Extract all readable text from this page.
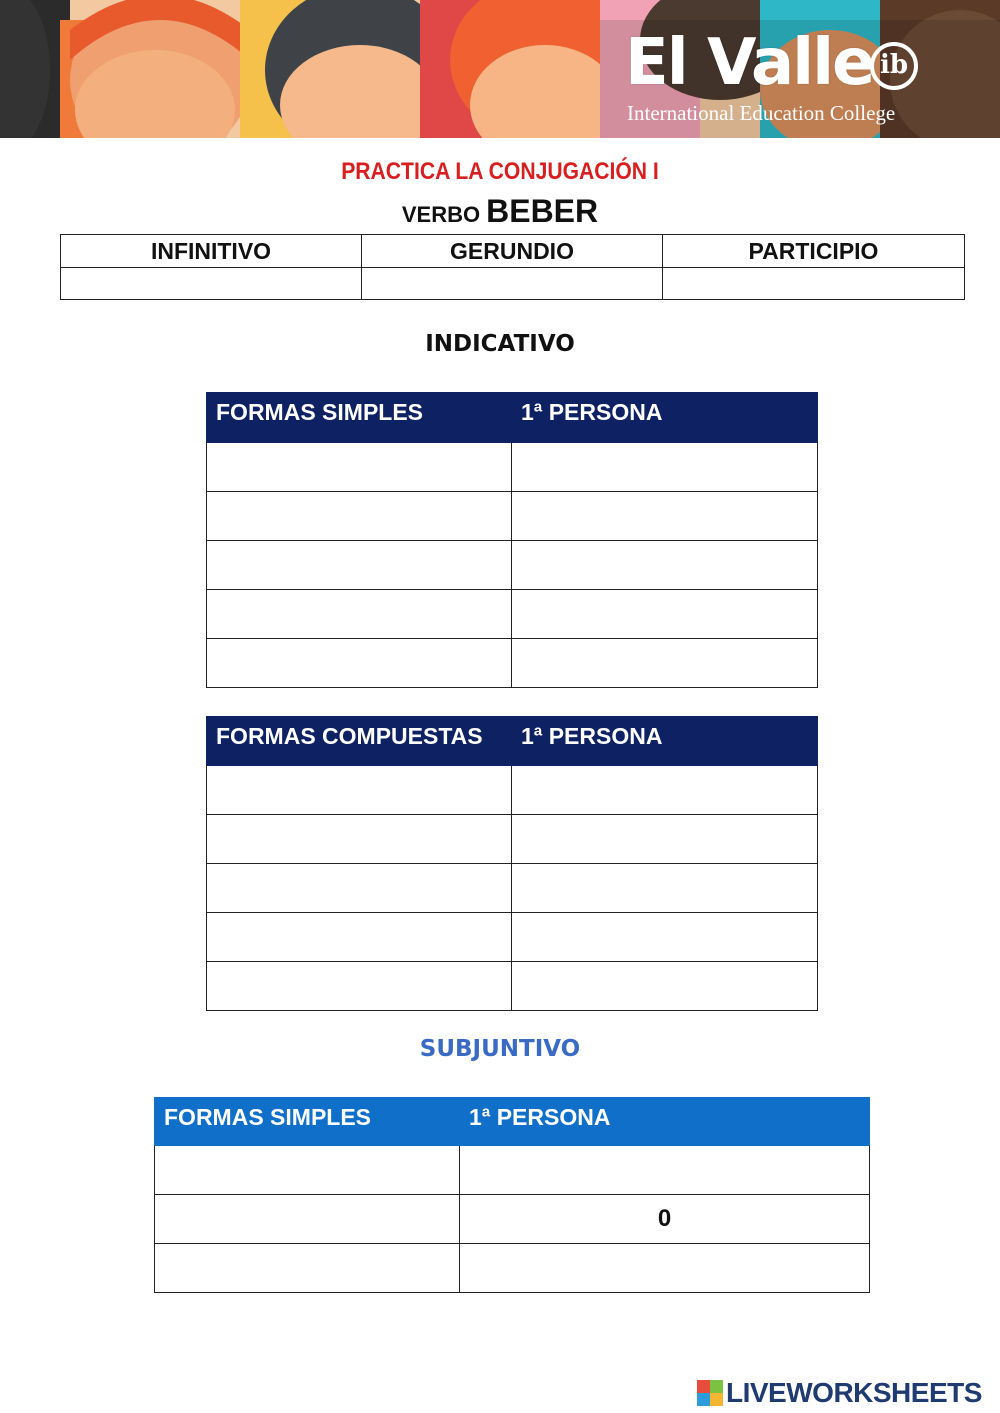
El Valle ib
International Education College
PRACTICA LA CONJUGACIÓN I
VERBO BEBER
INFINITIVO	GERUNDIO	PARTICIPIO

INDICATIVO
FORMAS SIMPLES	1ª PERSONA

FORMAS COMPUESTAS	1ª PERSONA

SUBJUNTIVO
FORMAS SIMPLES	1ª PERSONA

	0

LIVEWORKSHEETS
